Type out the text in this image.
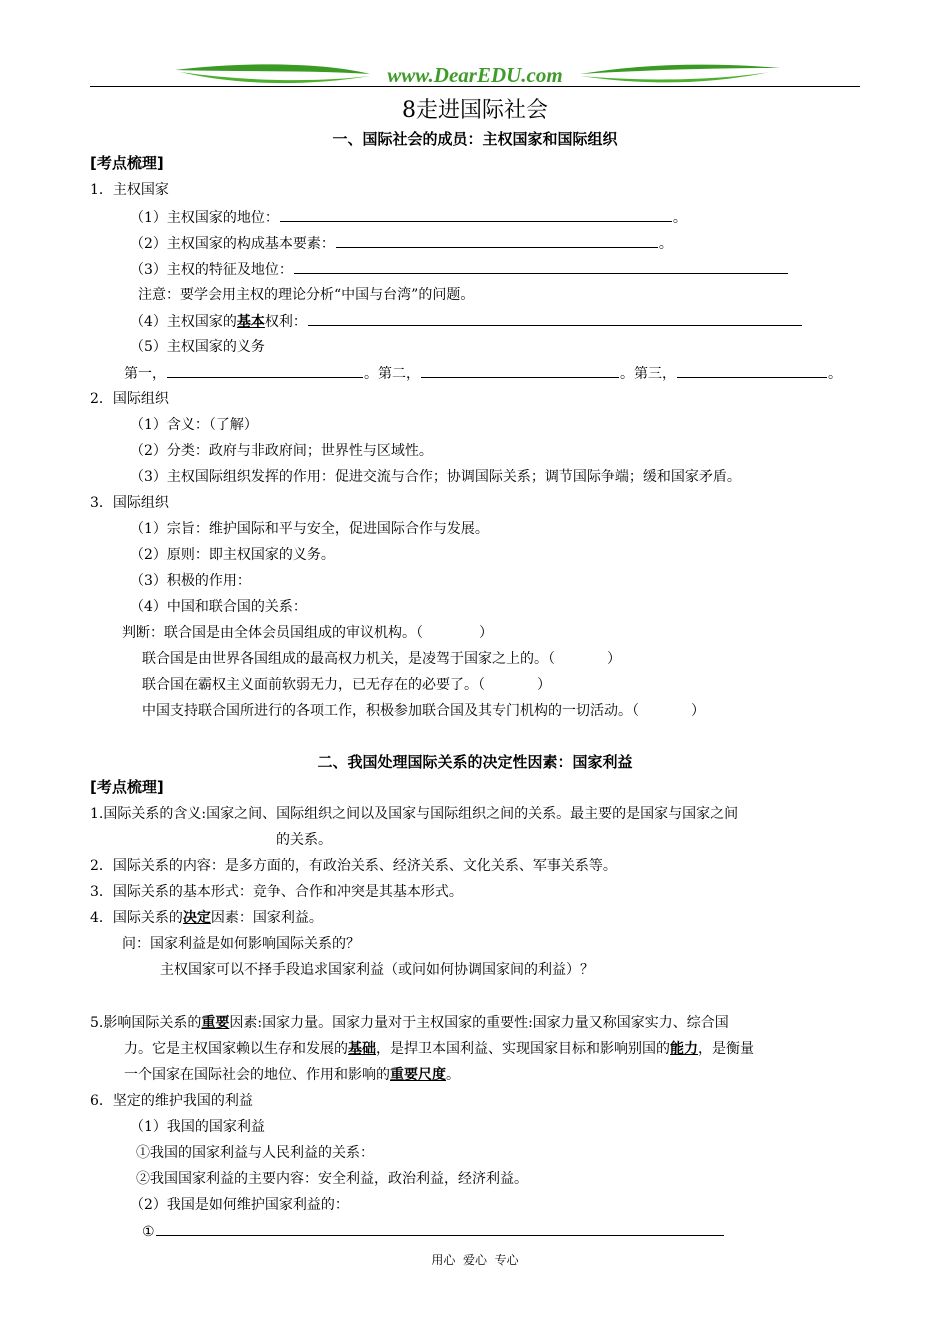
www.DearEDU.com
8走进国际社会
一、国际社会的成员：主权国家和国际组织
[考点梳理]
1．主权国家
（1）主权国家的地位：	。
（2）主权国家的构成基本要素：	。
（3）主权的特征及地位：
注意：要学会用主权的理论分析“中国与台湾”的问题。
（4）主权国家的基本权利：
（5）主权国家的义务
第一，	。第二，	。第三，	。
2．国际组织
（1）含义：（了解）
（2）分类：政府与非政府间；世界性与区域性。
（3）主权国际组织发挥的作用：促进交流与合作；协调国际关系；调节国际争端；缓和国家矛盾。
3．国际组织
（1）宗旨：维护国际和平与安全，促进国际合作与发展。
（2）原则：即主权国家的义务。
（3）积极的作用：
（4）中国和联合国的关系：
判断：联合国是由全体会员国组成的审议机构。（	）
联合国是由世界各国组成的最高权力机关，是凌驾于国家之上的。（	）
联合国在霸权主义面前软弱无力，已无存在的必要了。（	）
中国支持联合国所进行的各项工作，积极参加联合国及其专门机构的一切活动。（	）
二、我国处理国际关系的决定性因素：国家利益
[考点梳理]
1.国际关系的含义:国家之间、国际组织之间以及国家与国际组织之间的关系。最主要的是国家与国家之间
的关系。
2．国际关系的内容：是多方面的，有政治关系、经济关系、文化关系、军事关系等。
3．国际关系的基本形式：竞争、合作和冲突是其基本形式。
4．国际关系的决定因素：国家利益。
问：国家利益是如何影响国际关系的？
主权国家可以不择手段追求国家利益（或问如何协调国家间的利益）？
5.影响国际关系的重要因素:国家力量。国家力量对于主权国家的重要性:国家力量又称国家实力、综合国
力。它是主权国家赖以生存和发展的基础，是捍卫本国利益、实现国家目标和影响别国的能力，是衡量
一个国家在国际社会的地位、作用和影响的重要尺度。
6．坚定的维护我国的利益
（1）我国的国家利益
①我国的国家利益与人民利益的关系：
②我国国家利益的主要内容：安全利益，政治利益，经济利益。
（2）我国是如何维护国家利益的：
①
用心  爱心  专心
